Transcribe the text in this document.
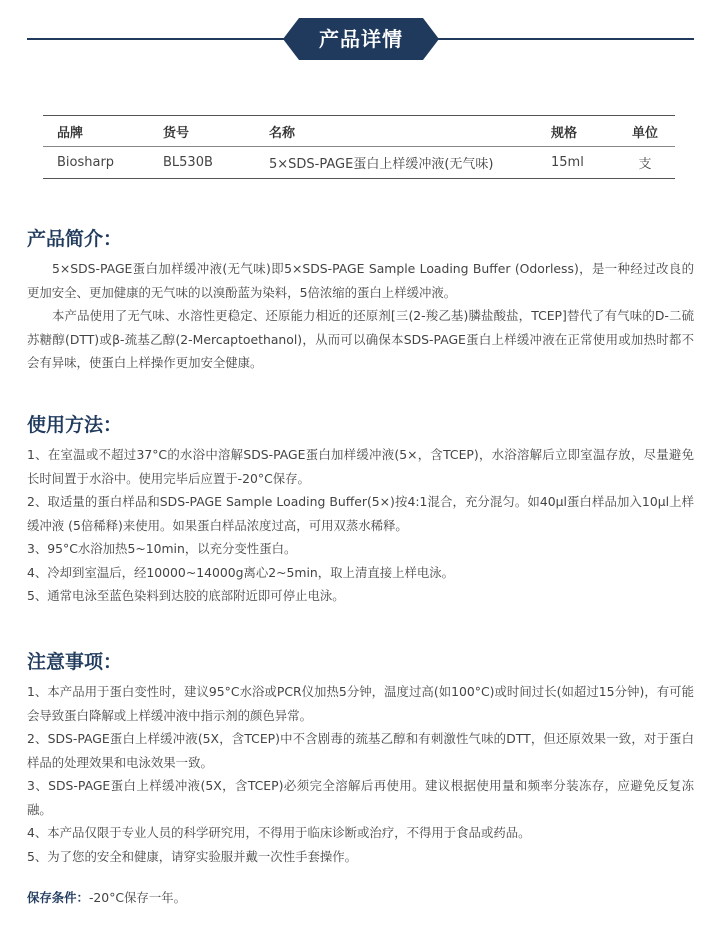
产品详情
品牌	货号	名称	规格	单位
Biosharp	BL530B	5×SDS-PAGE蛋白上样缓冲液(无气味)	15ml	支
产品简介：

5×SDS-PAGE蛋白加样缓冲液(无气味)即5×SDS-PAGE Sample Loading Buffer (Odorless)，是一种经过改良的更加安全、更加健康的无气味的以溴酚蓝为染料，5倍浓缩的蛋白上样缓冲液。

本产品使用了无气味、水溶性更稳定、还原能力相近的还原剂[三(2-羧乙基)膦盐酸盐，TCEP]替代了有气味的D-二硫苏糖醇(DTT)或β-巯基乙醇(2-Mercaptoethanol)，从而可以确保本SDS-PAGE蛋白上样缓冲液在正常使用或加热时都不会有异味，使蛋白上样操作更加安全健康。

使用方法：

1、在室温或不超过37°C的水浴中溶解SDS-PAGE蛋白加样缓冲液(5×，含TCEP)，水浴溶解后立即室温存放，尽量避免长时间置于水浴中。使用完毕后应置于-20°C保存。

2、取适量的蛋白样品和SDS-PAGE Sample Loading Buffer(5×)按4:1混合，充分混匀。如40μl蛋白样品加入10μl上样缓冲液 (5倍稀释)来使用。如果蛋白样品浓度过高，可用双蒸水稀释。

3、95°C水浴加热5~10min，以充分变性蛋白。

4、冷却到室温后，经10000~14000g离心2~5min，取上清直接上样电泳。

5、通常电泳至蓝色染料到达胶的底部附近即可停止电泳。

注意事项：

1、本产品用于蛋白变性时，建议95°C水浴或PCR仪加热5分钟，温度过高(如100°C)或时间过长(如超过15分钟)，有可能会导致蛋白降解或上样缓冲液中指示剂的颜色异常。

2、SDS-PAGE蛋白上样缓冲液(5X，含TCEP)中不含剧毒的巯基乙醇和有刺激性气味的DTT，但还原效果一致，对于蛋白样品的处理效果和电泳效果一致。

3、SDS-PAGE蛋白上样缓冲液(5X，含TCEP)必须完全溶解后再使用。建议根据使用量和频率分装冻存，应避免反复冻融。

4、本产品仅限于专业人员的科学研究用，不得用于临床诊断或治疗，不得用于食品或药品。

5、为了您的安全和健康，请穿实验服并戴一次性手套操作。

保存条件：-20°C保存一年。
